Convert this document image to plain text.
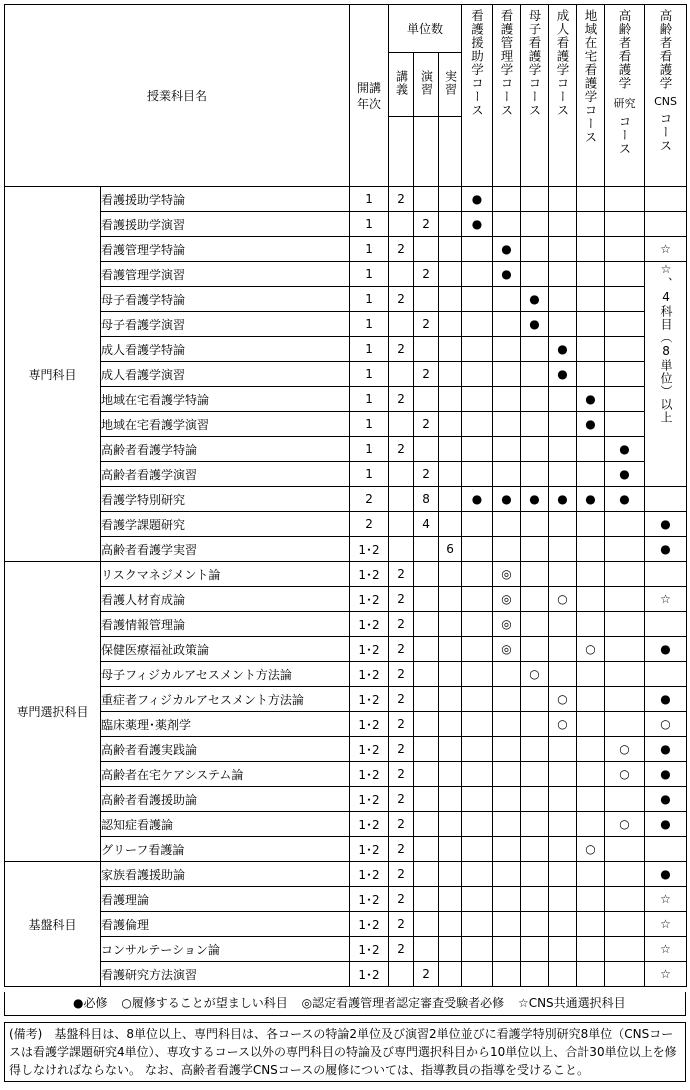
授業科目名		開講年次	単位数			看護援助学コース	看護管理学コース	母子看護学コース	成人看護学コース	地域在宅看護学コース	高齢者看護学
研究
コース	高齢者看護学
CNS
コース
			講義	演習	実習							

専門科目	看護援助学特論	1	2			●						
	看護援助学演習	1		2		●						
	看護管理学特論	1	2				●					☆
	看護管理学演習	1		2			●					☆、4科目（8単位）以上
	母子看護学特論	1	2					●				
	母子看護学演習	1		2				●				
	成人看護学特論	1	2						●			
	成人看護学演習	1		2					●			
	地域在宅看護学特論	1	2							●		
	地域在宅看護学演習	1		2						●		
	高齢者看護学特論	1	2								●	
	高齢者看護学演習	1		2							●	
	看護学特別研究	2		8		●	●	●	●	●	●	
	看護学課題研究	2		4								●
	高齢者看護学実習	1･2			6							●
専門選択科目	リスクマネジメント論	1･2	2				◎					
	看護人材育成論	1･2	2				◎		○			☆
	看護情報管理論	1･2	2				◎					
	保健医療福祉政策論	1･2	2				◎			○		●
	母子フィジカルアセスメント方法論	1･2	2					○				
	重症者フィジカルアセスメント方法論	1･2	2						○			●
	臨床薬理･薬剤学	1･2	2						○			○
	高齢者看護実践論	1･2	2								○	●
	高齢者在宅ケアシステム論	1･2	2								○	●
	高齢者看護援助論	1･2	2									●
	認知症看護論	1･2	2								○	●
	グリーフ看護論	1･2	2							○		
基盤科目	家族看護援助論	1･2	2									●
	看護理論	1･2	2									☆
	看護倫理	1･2	2									☆
	コンサルテーション論	1･2	2									☆
	看護研究方法演習	1･2		2								☆
●必修 ○履修することが望ましい科目 ◎認定看護管理者認定審査受験者必修 ☆CNS共通選択科目
(備考)　基盤科目は、8単位以上、専門科目は、各コースの特論2単位及び演習2単位並びに看護学特別研究8単位（CNSコースは看護学課題研究4単位）、専攻するコース以外の専門科目の特論及び専門選択科目から10単位以上、合計30単位以上を修得しなければならない。 なお、高齢者看護学CNSコースの履修については、指導教員の指導を受けること。
